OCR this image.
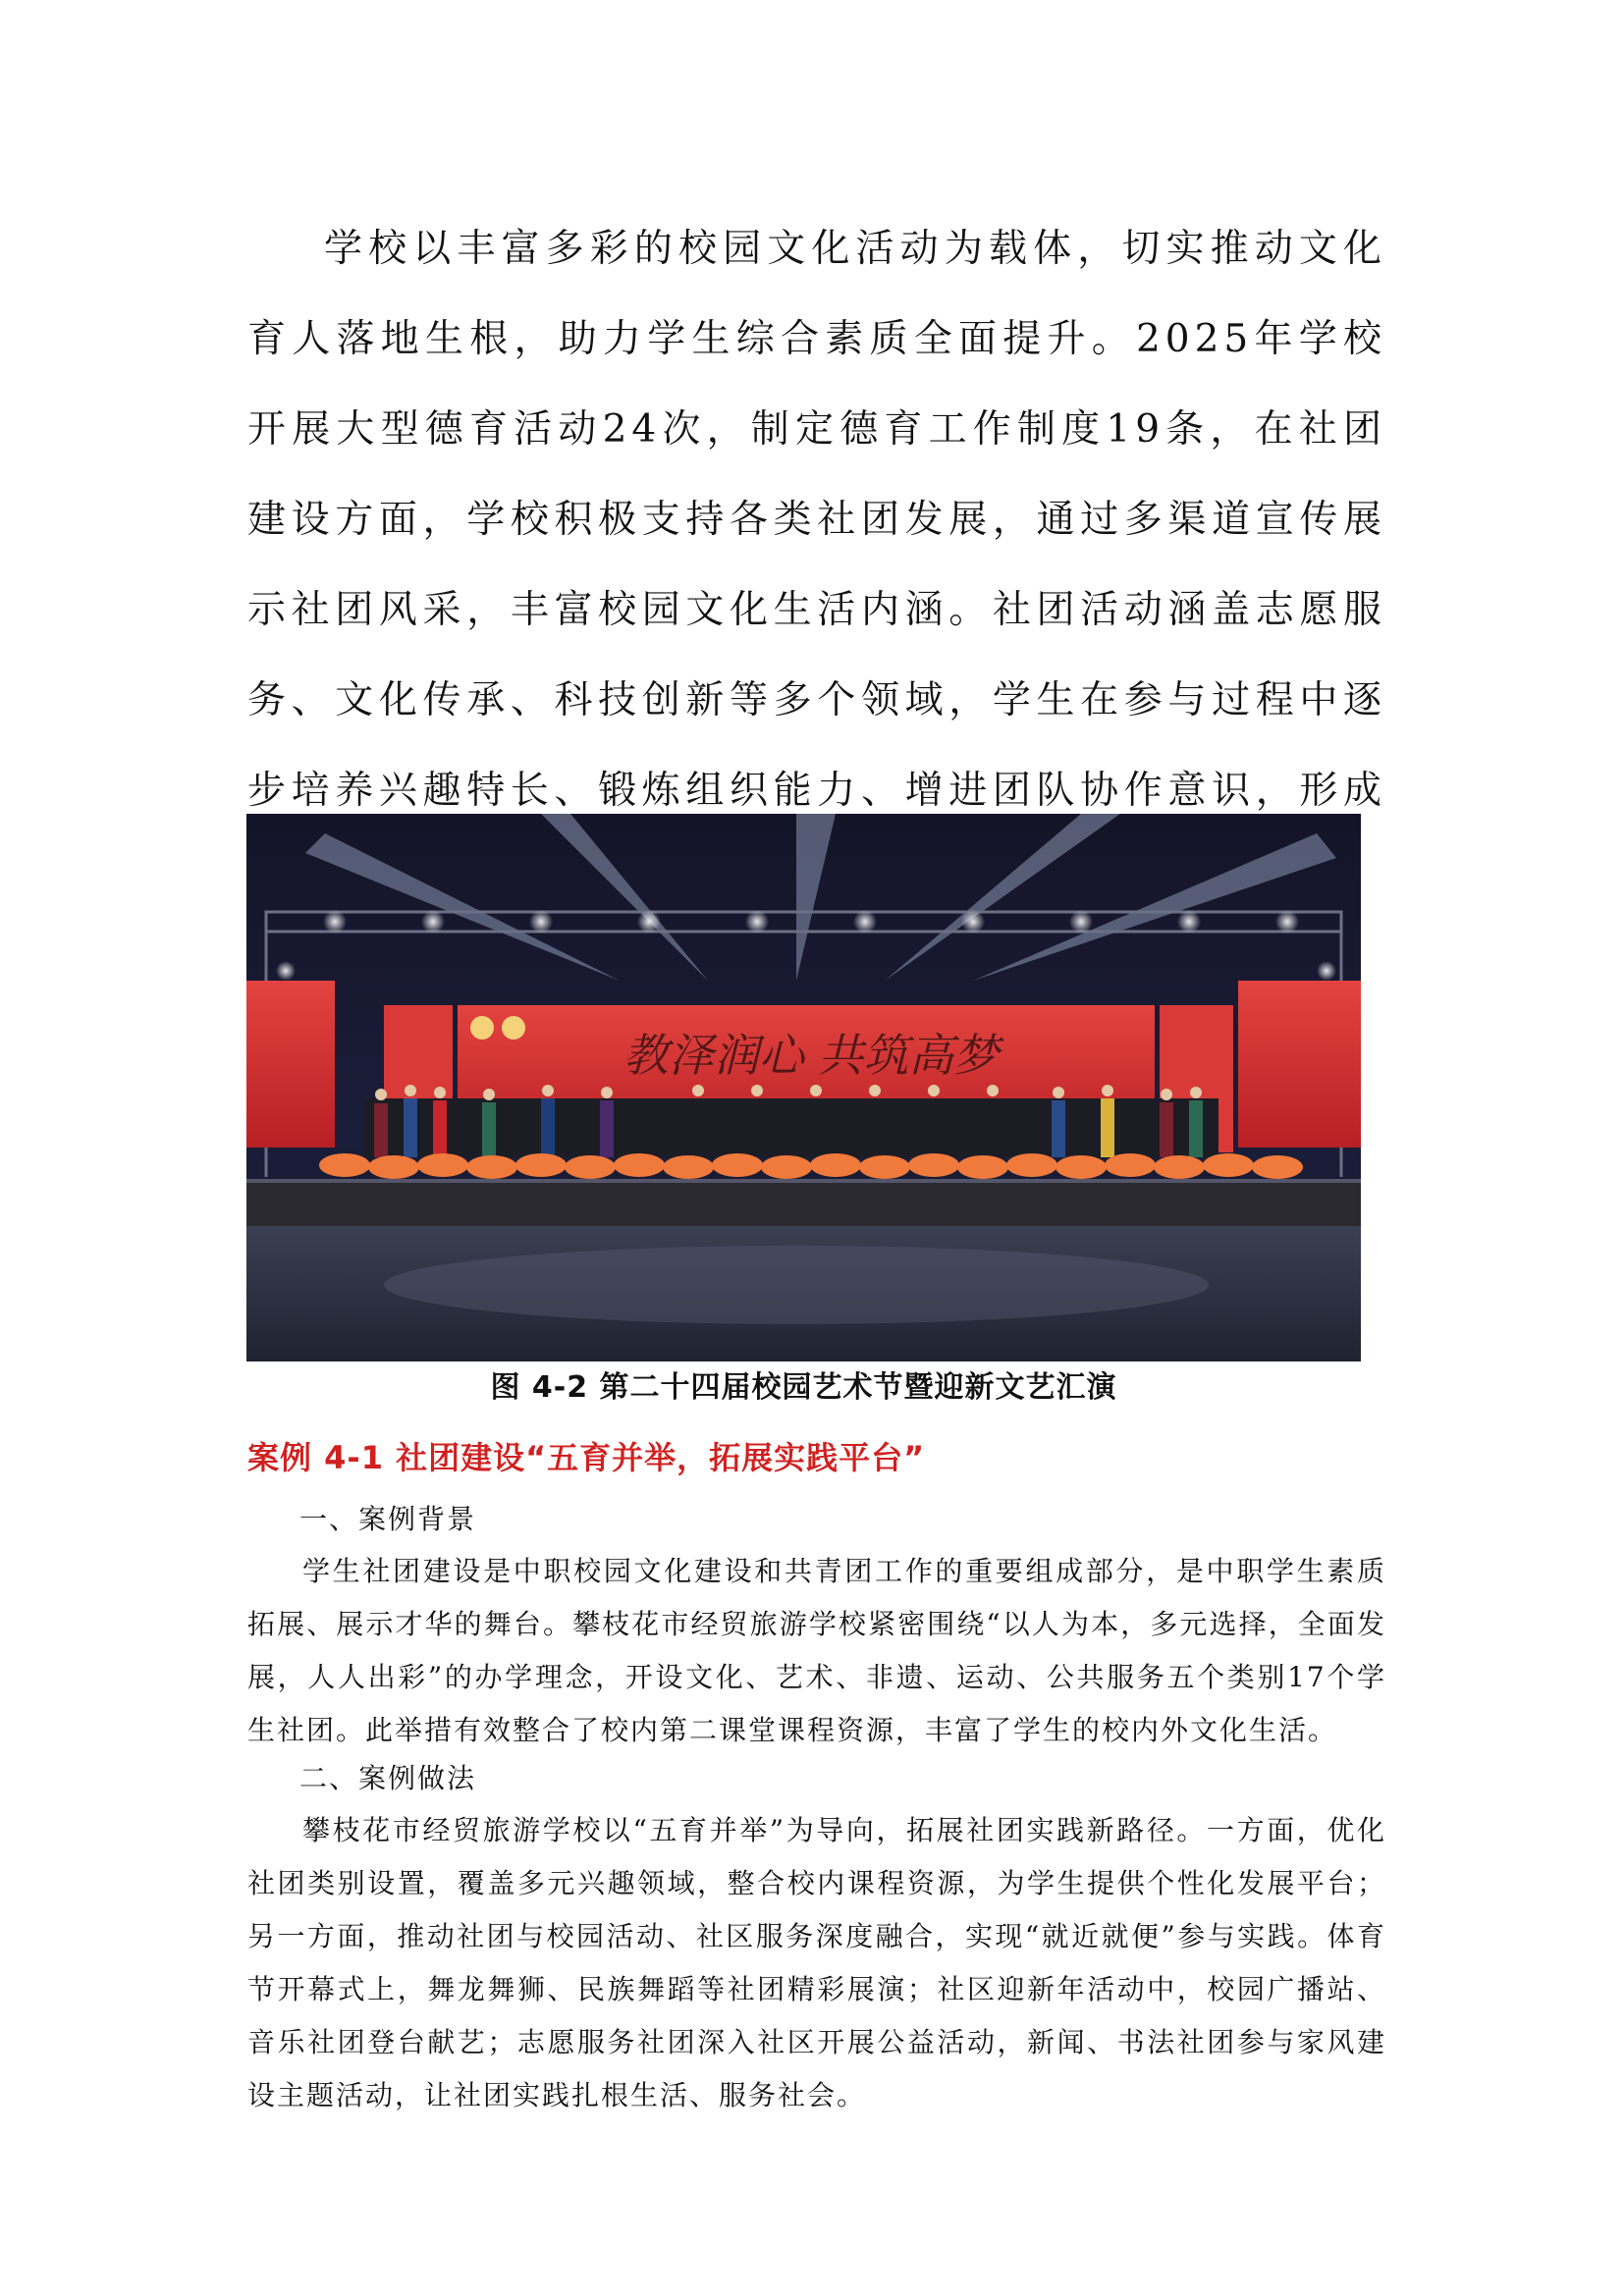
学校以丰富多彩的校园文化活动为载体，切实推动文化育人落地生根，助力学生综合素质全面提升。2025年学校开展大型德育活动24次，制定德育工作制度19条，在社团建设方面，学校积极支持各类社团发展，通过多渠道宣传展示社团风采，丰富校园文化生活内涵。社团活动涵盖志愿服务、文化传承、科技创新等多个领域，学生在参与过程中逐步培养兴趣特长、锻炼组织能力、增进团队协作意识，形成

教泽润心 共筑高梦
图 4-2 第二十四届校园艺术节暨迎新文艺汇演
案例 4-1 社团建设“五育并举，拓展实践平台”
一、案例背景

学生社团建设是中职校园文化建设和共青团工作的重要组成部分，是中职学生素质拓展、展示才华的舞台。攀枝花市经贸旅游学校紧密围绕“以人为本，多元选择，全面发展，人人出彩”的办学理念，开设文化、艺术、非遗、运动、公共服务五个类别17个学生社团。此举措有效整合了校内第二课堂课程资源，丰富了学生的校内外文化生活。

二、案例做法

攀枝花市经贸旅游学校以“五育并举”为导向，拓展社团实践新路径。一方面，优化社团类别设置，覆盖多元兴趣领域，整合校内课程资源，为学生提供个性化发展平台；另一方面，推动社团与校园活动、社区服务深度融合，实现“就近就便”参与实践。体育节开幕式上，舞龙舞狮、民族舞蹈等社团精彩展演；社区迎新年活动中，校园广播站、音乐社团登台献艺；志愿服务社团深入社区开展公益活动，新闻、书法社团参与家风建设主题活动，让社团实践扎根生活、服务社会。
